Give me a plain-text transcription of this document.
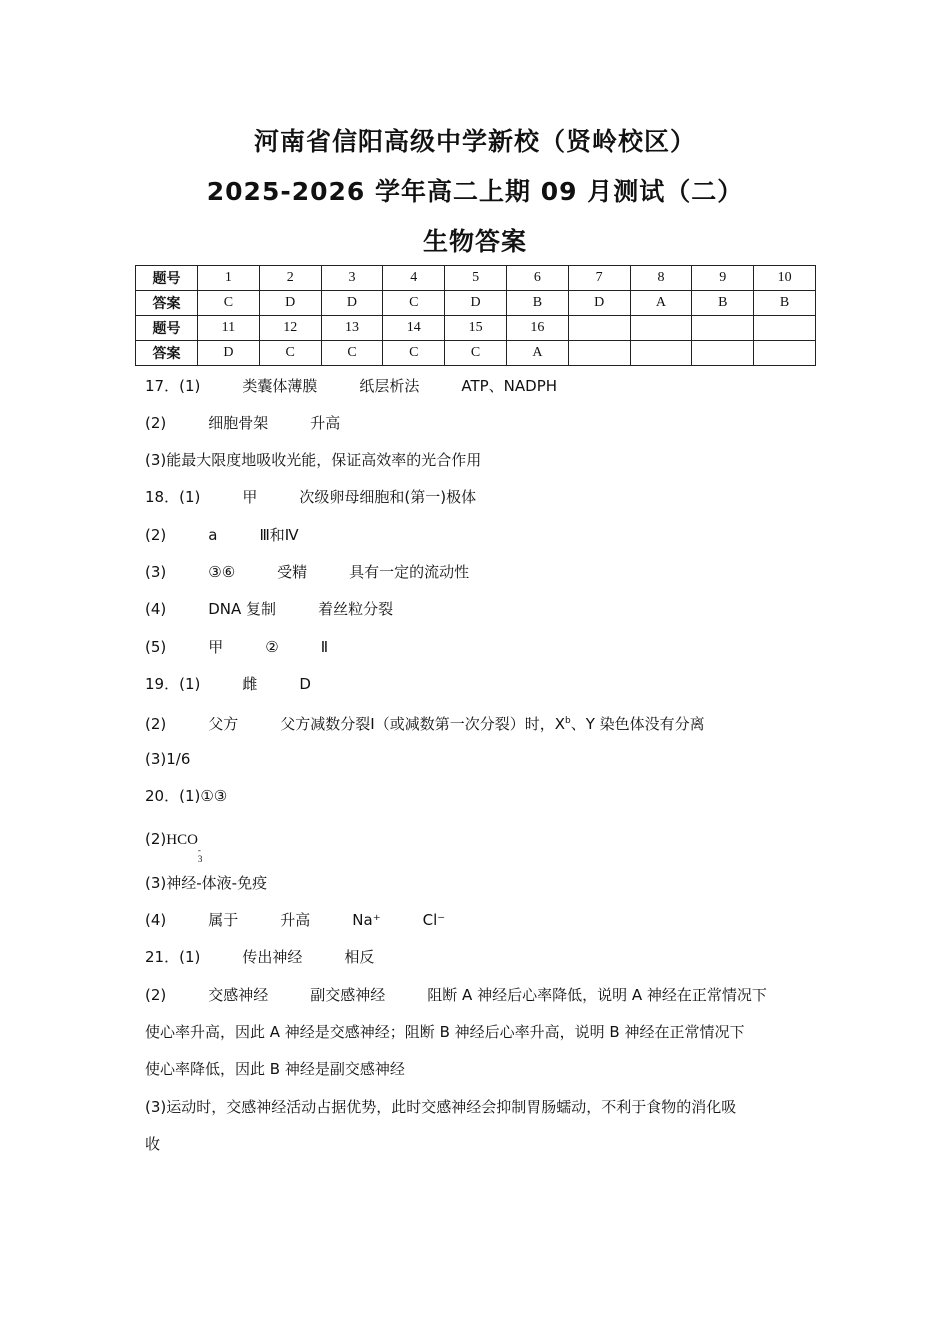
河南省信阳高级中学新校（贤岭校区）
2025-2026 学年高二上期 09 月测试（二）
生物答案
题号	1	2	3	4	5	6	7	8	9	10
答案	C	D	D	C	D	B	D	A	B	B
题号	11	12	13	14	15	16				
答案	D	C	C	C	C	A				
17．(1)	类囊体薄膜	纸层析法	ATP、NADPH
(2)	细胞骨架	升高
(3)能最大限度地吸收光能，保证高效率的光合作用
18．(1)	甲	次级卵母细胞和(第一)极体
(2)	a	Ⅲ和Ⅳ
(3)	③⑥	受精	具有一定的流动性
(4)	DNA 复制	着丝粒分裂
(5)	甲	②	Ⅱ
19．(1)	雌	D
(2)	父方	父方减数分裂Ⅰ（或减数第一次分裂）时，$X^b$、Y 染色体没有分离
(3)1/6
20．(1)①③
(2)HCO
-
3
(3)神经-体液-免疫
(4)	属于	升高	Na⁺	Cl⁻
21．(1)	传出神经	相反
(2)	交感神经	副交感神经	阻断 A 神经后心率降低，说明 A 神经在正常情况下
使心率升高，因此 A 神经是交感神经；阻断 B 神经后心率升高，说明 B 神经在正常情况下
使心率降低，因此 B 神经是副交感神经
(3)运动时，交感神经活动占据优势，此时交感神经会抑制胃肠蠕动，不利于食物的消化吸
收
